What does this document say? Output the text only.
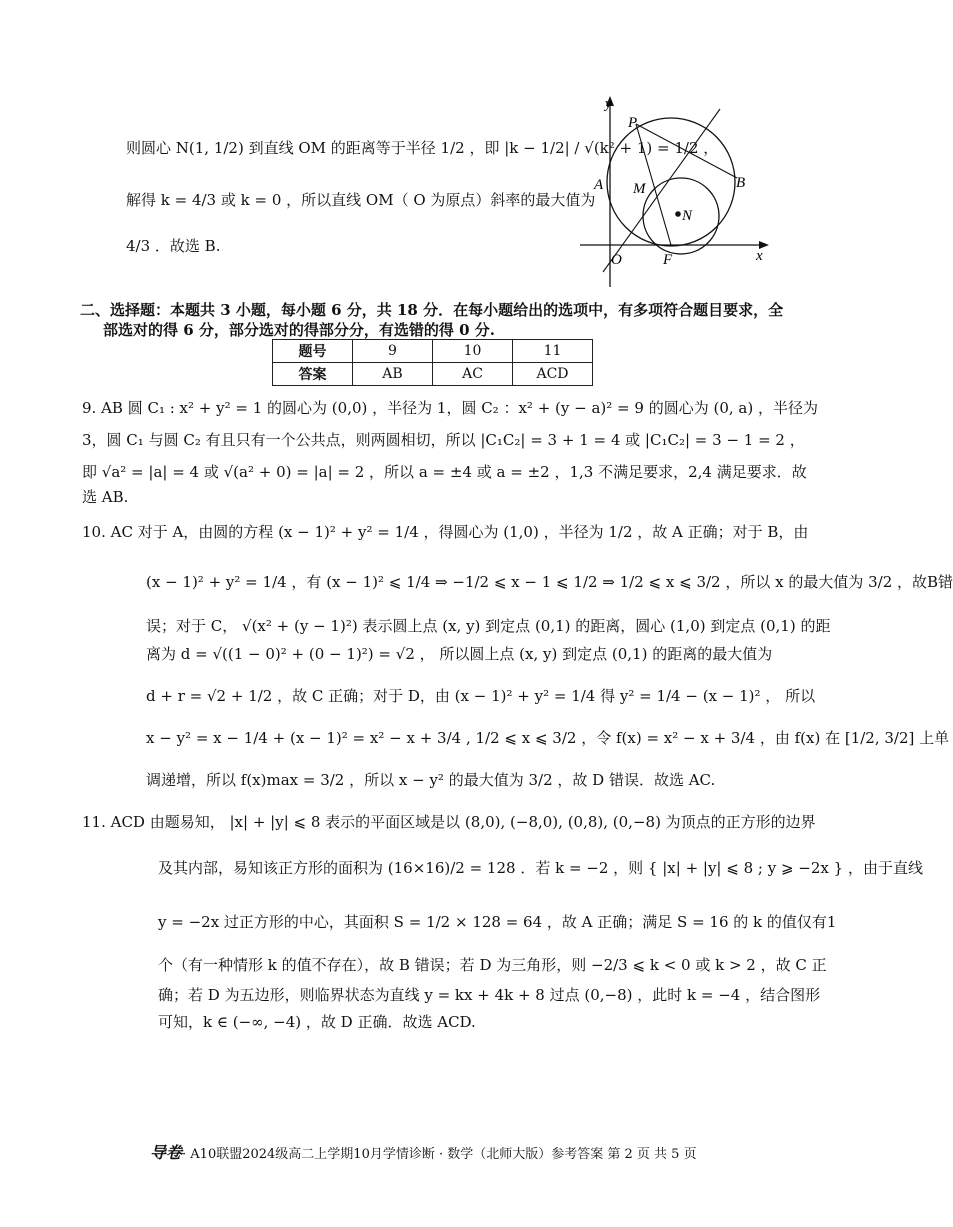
则圆心 N(1, 1/2) 到直线 OM 的距离等于半径 1/2 ，即 |k − 1/2| / √(k² + 1) = 1/2 ，
解得 k = 4/3 或 k = 0 ，所以直线 OM（ O 为原点）斜率的最大值为
4/3 ．故选 B.
y
x
P
A M	B
N
O	F
二、选择题：本题共 3 小题，每小题 6 分，共 18 分．在每小题给出的选项中，有多项符合题目要求，全
部选对的得 6 分，部分选对的得部分分，有选错的得 0 分.
题号	9	10	11
答案	AB	AC	ACD
9. AB 圆 C₁ : x² + y² = 1 的圆心为 (0,0) ，半径为 1，圆 C₂ ：x² + (y − a)² = 9 的圆心为 (0, a) ，半径为
3，圆 C₁ 与圆 C₂ 有且只有一个公共点，则两圆相切，所以 |C₁C₂| = 3 + 1 = 4 或 |C₁C₂| = 3 − 1 = 2 ，
即 √a² = |a| = 4 或 √(a² + 0) = |a| = 2 ，所以 a = ±4 或 a = ±2 ，1,3 不满足要求，2,4 满足要求．故
选 AB.
10. AC 对于 A，由圆的方程 (x − 1)² + y² = 1/4 ，得圆心为 (1,0) ，半径为 1/2 ，故 A 正确；对于 B，由
(x − 1)² + y² = 1/4 ，有 (x − 1)² ⩽ 1/4 ⇒ −1/2 ⩽ x − 1 ⩽ 1/2 ⇒ 1/2 ⩽ x ⩽ 3/2 ，所以 x 的最大值为 3/2 ，故B错
误；对于 C， √(x² + (y − 1)²) 表示圆上点 (x, y) 到定点 (0,1) 的距离，圆心 (1,0) 到定点 (0,1) 的距
离为 d = √((1 − 0)² + (0 − 1)²) = √2 ， 所以圆上点 (x, y) 到定点 (0,1) 的距离的最大值为
d + r = √2 + 1/2 ，故 C 正确；对于 D，由 (x − 1)² + y² = 1/4 得 y² = 1/4 − (x − 1)² ， 所以
x − y² = x − 1/4 + (x − 1)² = x² − x + 3/4 , 1/2 ⩽ x ⩽ 3/2 ，令 f(x) = x² − x + 3/4 ，由 f(x) 在 [1/2, 3/2] 上单
调递增，所以 f(x)max = 3/2 ，所以 x − y² 的最大值为 3/2 ，故 D 错误．故选 AC.
11. ACD 由题易知， |x| + |y| ⩽ 8 表示的平面区域是以 (8,0), (−8,0), (0,8), (0,−8) 为顶点的正方形的边界
及其内部，易知该正方形的面积为 (16×16)/2 = 128 ．若 k = −2 ，则 { |x| + |y| ⩽ 8 ; y ⩾ −2x } ，由于直线
y = −2x 过正方形的中心，其面积 S = 1/2 × 128 = 64 ，故 A 正确；满足 S = 16 的 k 的值仅有1
个（有一种情形 k 的值不存在），故 B 错误；若 D 为三角形，则 −2/3 ⩽ k < 0 或 k > 2 ，故 C 正
确；若 D 为五边形，则临界状态为直线 y = kx + 4k + 8 过点 (0,−8) ，此时 k = −4 ，结合图形
可知，k ∈ (−∞, −4) ，故 D 正确．故选 ACD.
导卷· A10联盟2024级高二上学期10月学情诊断 · 数学（北师大版）参考答案 第 2 页 共 5 页
